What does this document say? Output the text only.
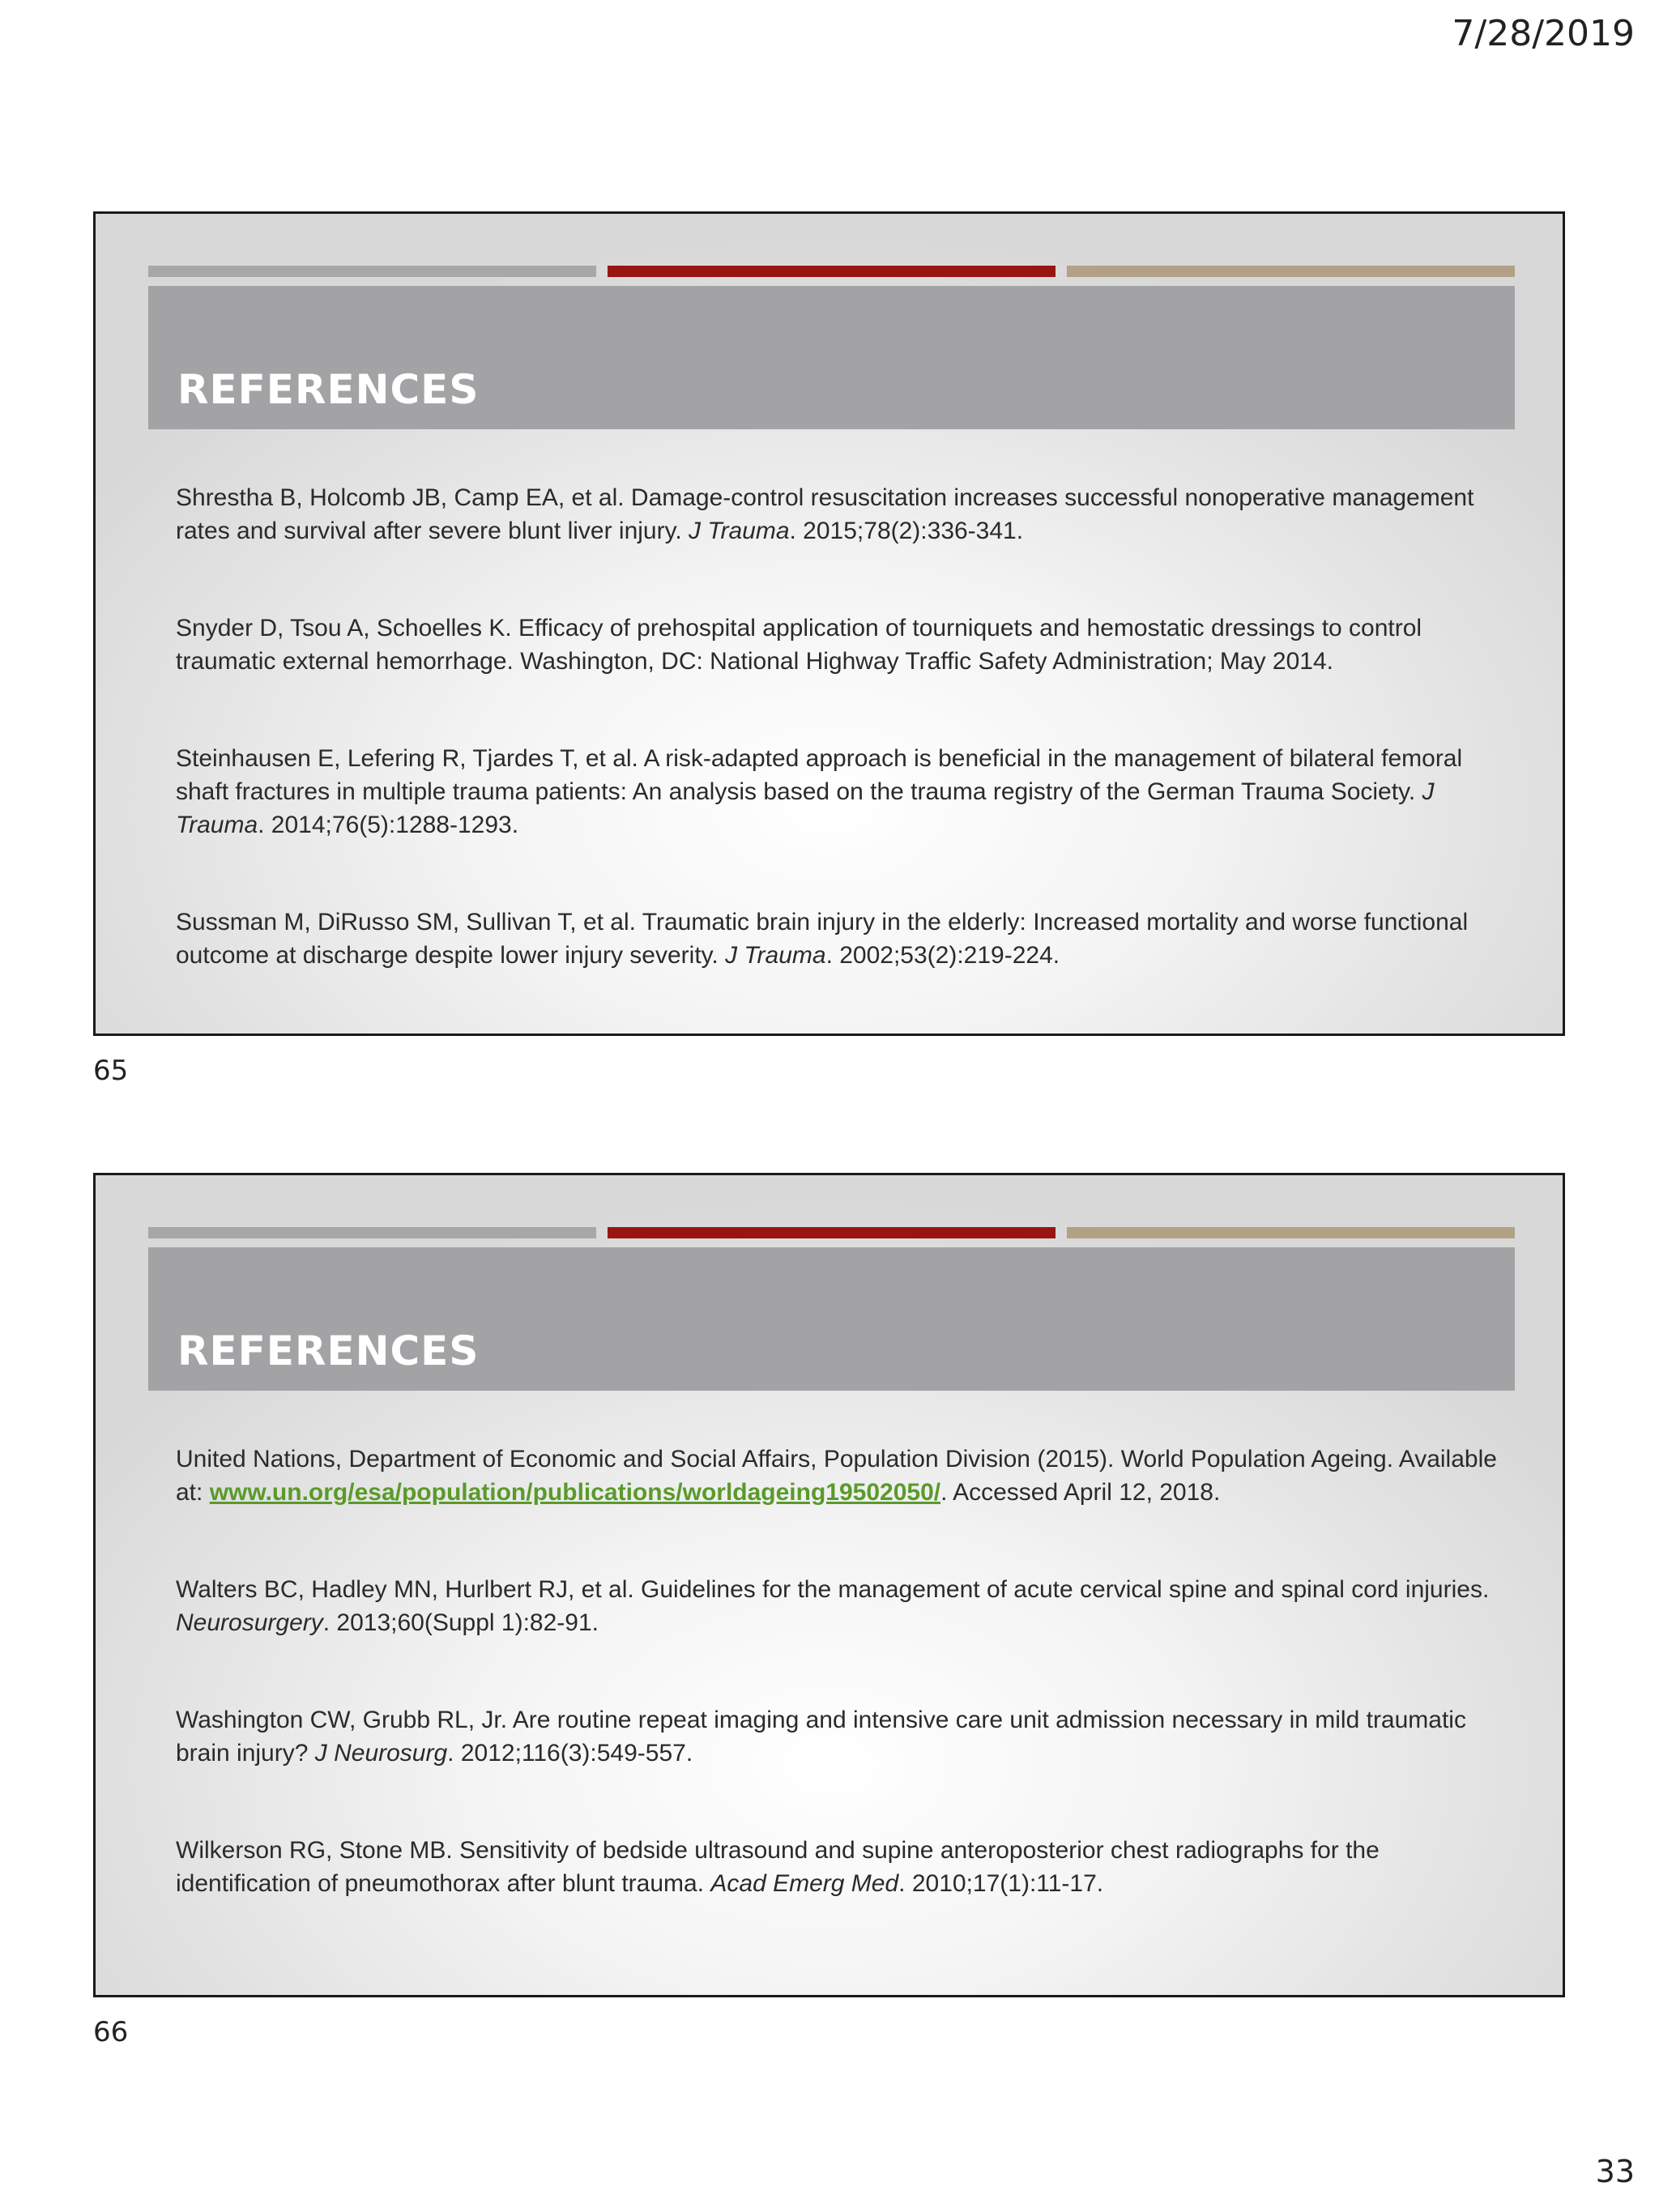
7/28/2019
REFERENCES

Shrestha B, Holcomb JB, Camp EA, et al. Damage-control resuscitation increases successful nonoperative management rates and survival after severe blunt liver injury. J Trauma. 2015;78(2):336-341.

Snyder D, Tsou A, Schoelles K. Efficacy of prehospital application of tourniquets and hemostatic dressings to control traumatic external hemorrhage. Washington, DC: National Highway Traffic Safety Administration; May 2014.

Steinhausen E, Lefering R, Tjardes T, et al. A risk-adapted approach is beneficial in the management of bilateral femoral shaft fractures in multiple trauma patients: An analysis based on the trauma registry of the German Trauma Society. J Trauma. 2014;76(5):1288-1293.

Sussman M, DiRusso SM, Sullivan T, et al. Traumatic brain injury in the elderly: Increased mortality and worse functional outcome at discharge despite lower injury severity. J Trauma. 2002;53(2):219-224.

65
REFERENCES

United Nations, Department of Economic and Social Affairs, Population Division (2015). World Population Ageing. Available at: www.un.org/esa/population/publications/worldageing19502050/. Accessed April 12, 2018.

Walters BC, Hadley MN, Hurlbert RJ, et al. Guidelines for the management of acute cervical spine and spinal cord injuries. Neurosurgery. 2013;60(Suppl 1):82-91.

Washington CW, Grubb RL, Jr. Are routine repeat imaging and intensive care unit admission necessary in mild traumatic brain injury? J Neurosurg. 2012;116(3):549-557.

Wilkerson RG, Stone MB. Sensitivity of bedside ultrasound and supine anteroposterior chest radiographs for the identification of pneumothorax after blunt trauma. Acad Emerg Med. 2010;17(1):11-17.

66
33
